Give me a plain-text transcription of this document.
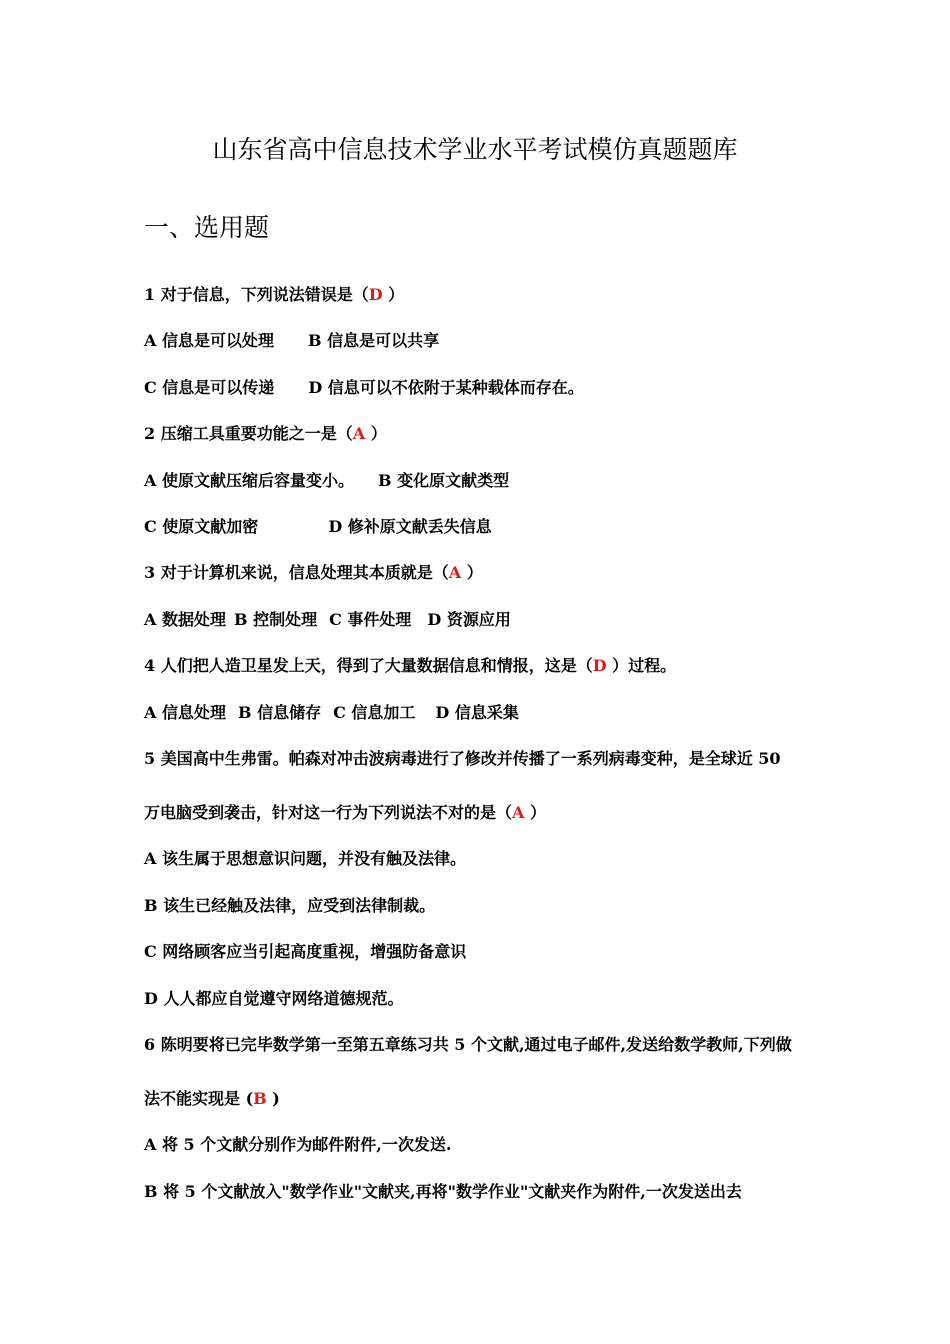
山东省高中信息技术学业水平考试模仿真题题库
一、选用题
1 对于信息，下列说法错误是（D ）
A 信息是可以处理 B 信息是可以共享
C 信息是可以传递 D 信息可以不依附于某种载体而存在。
2 压缩工具重要功能之一是（A ）
A 使原文献压缩后容量变小。 B 变化原文献类型
C 使原文献加密	D 修补原文献丢失信息
3 对于计算机来说，信息处理其本质就是（A ）
A 数据处理 B 控制处理 C 事件处理 D 资源应用
4 人们把人造卫星发上天，得到了大量数据信息和情报，这是（D ）过程。
A 信息处理 B 信息储存 C 信息加工 D 信息采集
5 美国高中生弗雷。帕森对冲击波病毒进行了修改并传播了一系列病毒变种，是全球近 50
万电脑受到袭击，针对这一行为下列说法不对的是（A ）
A 该生属于思想意识问题，并没有触及法律。
B 该生已经触及法律，应受到法律制裁。
C 网络顾客应当引起高度重视，增强防备意识
D 人人都应自觉遵守网络道德规范。
6 陈明要将已完毕数学第一至第五章练习共 5 个文献,通过电子邮件,发送给数学教师,下列做
法不能实现是 (B )
A 将 5 个文献分别作为邮件附件,一次发送.
B 将 5 个文献放入"数学作业"文献夹,再将"数学作业"文献夹作为附件,一次发送出去
